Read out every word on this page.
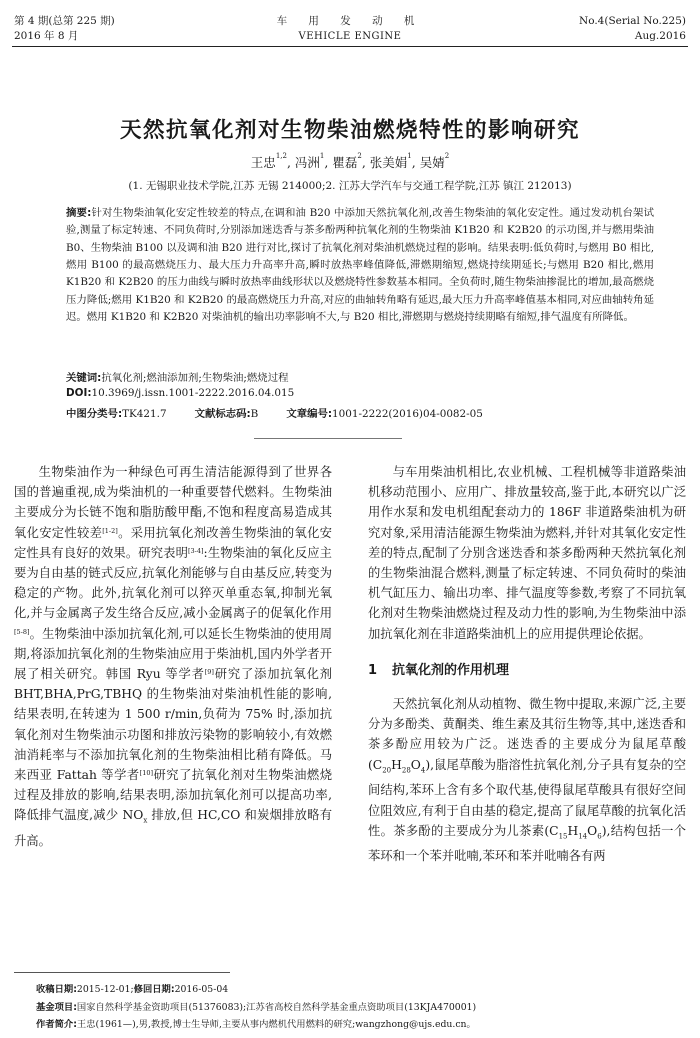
第 4 期(总第 225 期)
2016 年 8 月
车 用 发 动 机
VEHICLE ENGINE
No.4(Serial No.225)
Aug.2016
天然抗氧化剂对生物柴油燃烧特性的影响研究
王忠$^{1,2}$, 冯洲$^1$, 瞿磊$^2$, 张美娟$^1$, 吴婧$^2$
(1. 无锡职业技术学院,江苏 无锡 214000;2. 江苏大学汽车与交通工程学院,江苏 镇江 212013)
摘要:针对生物柴油氧化安定性较差的特点,在调和油 B20 中添加天然抗氧化剂,改善生物柴油的氧化安定性。通过发动机台架试验,测量了标定转速、不同负荷时,分别添加迷迭香与茶多酚两种抗氧化剂的生物柴油 K1B20 和 K2B20 的示功图,并与燃用柴油 B0、生物柴油 B100 以及调和油 B20 进行对比,探讨了抗氧化剂对柴油机燃烧过程的影响。结果表明:低负荷时,与燃用 B0 相比,燃用 B100 的最高燃烧压力、最大压力升高率升高,瞬时放热率峰值降低,滞燃期缩短,燃烧持续期延长;与燃用 B20 相比,燃用 K1B20 和 K2B20 的压力曲线与瞬时放热率曲线形状以及燃烧特性参数基本相同。全负荷时,随生物柴油掺混比的增加,最高燃烧压力降低;燃用 K1B20 和 K2B20 的最高燃烧压力升高,对应的曲轴转角略有延迟,最大压力升高率峰值基本相同,对应曲轴转角延迟。燃用 K1B20 和 K2B20 对柴油机的输出功率影响不大,与 B20 相比,滞燃期与燃烧持续期略有缩短,排气温度有所降低。
关键词:抗氧化剂;燃油添加剂;生物柴油;燃烧过程
DOI:10.3969/j.issn.1001-2222.2016.04.015
中图分类号:TK421.7	文献标志码:B	文章编号:1001-2222(2016)04-0082-05

生物柴油作为一种绿色可再生清洁能源得到了世界各国的普遍重视,成为柴油机的一种重要替代燃料。生物柴油主要成分为长链不饱和脂肪酸甲酯,不饱和程度高易造成其氧化安定性较差[1-2]。采用抗氧化剂改善生物柴油的氧化安定性具有良好的效果。研究表明[3-4]:生物柴油的氧化反应主要为自由基的链式反应,抗氧化剂能够与自由基反应,转变为稳定的产物。此外,抗氧化剂可以猝灭单重态氧,抑制光氧化,并与金属离子发生络合反应,减小金属离子的促氧化作用[5-8]。生物柴油中添加抗氧化剂,可以延长生物柴油的使用周期,将添加抗氧化剂的生物柴油应用于柴油机,国内外学者开展了相关研究。韩国 Ryu 等学者[9]研究了添加抗氧化剂 BHT,BHA,PrG,TBHQ 的生物柴油对柴油机性能的影响,结果表明,在转速为 1 500 r/min,负荷为 75% 时,添加抗氧化剂对生物柴油示功图和排放污染物的影响较小,有效燃油消耗率与不添加抗氧化剂的生物柴油相比稍有降低。马来西亚 Fattah 等学者[10]研究了抗氧化剂对生物柴油燃烧过程及排放的影响,结果表明,添加抗氧化剂可以提高功率,降低排气温度,减少 $NO_x$ 排放,但 HC,CO 和炭烟排放略有升高。

与车用柴油机相比,农业机械、工程机械等非道路柴油机移动范围小、应用广、排放量较高,鉴于此,本研究以广泛用作水泵和发电机组配套动力的 186F 非道路柴油机为研究对象,采用清洁能源生物柴油为燃料,并针对其氧化安定性差的特点,配制了分别含迷迭香和茶多酚两种天然抗氧化剂的生物柴油混合燃料,测量了标定转速、不同负荷时的柴油机气缸压力、输出功率、排气温度等参数,考察了不同抗氧化剂对生物柴油燃烧过程及动力性的影响,为生物柴油中添加抗氧化剂在非道路柴油机上的应用提供理论依据。

1 抗氧化剂的作用机理

天然抗氧化剂从动植物、微生物中提取,来源广泛,主要分为多酚类、黄酮类、维生素及其衍生物等,其中,迷迭香和茶多酚应用较为广泛。迷迭香的主要成分为鼠尾草酸$(C_{20}H_{28}O_4)$,鼠尾草酸为脂溶性抗氧化剂,分子具有复杂的空间结构,苯环上含有多个取代基,使得鼠尾草酸具有很好空间位阻效应,有利于自由基的稳定,提高了鼠尾草酸的抗氧化活性。茶多酚的主要成分为儿茶素$(C_{15}H_{14}O_6)$,结构包括一个苯环和一个苯并吡喃,苯环和苯并吡喃各有两

收稿日期:2015-12-01;修回日期:2016-05-04
基金项目:国家自然科学基金资助项目(51376083);江苏省高校自然科学基金重点资助项目(13KJA470001)
作者简介:王忠(1961—),男,教授,博士生导师,主要从事内燃机代用燃料的研究;wangzhong@ujs.edu.cn。
